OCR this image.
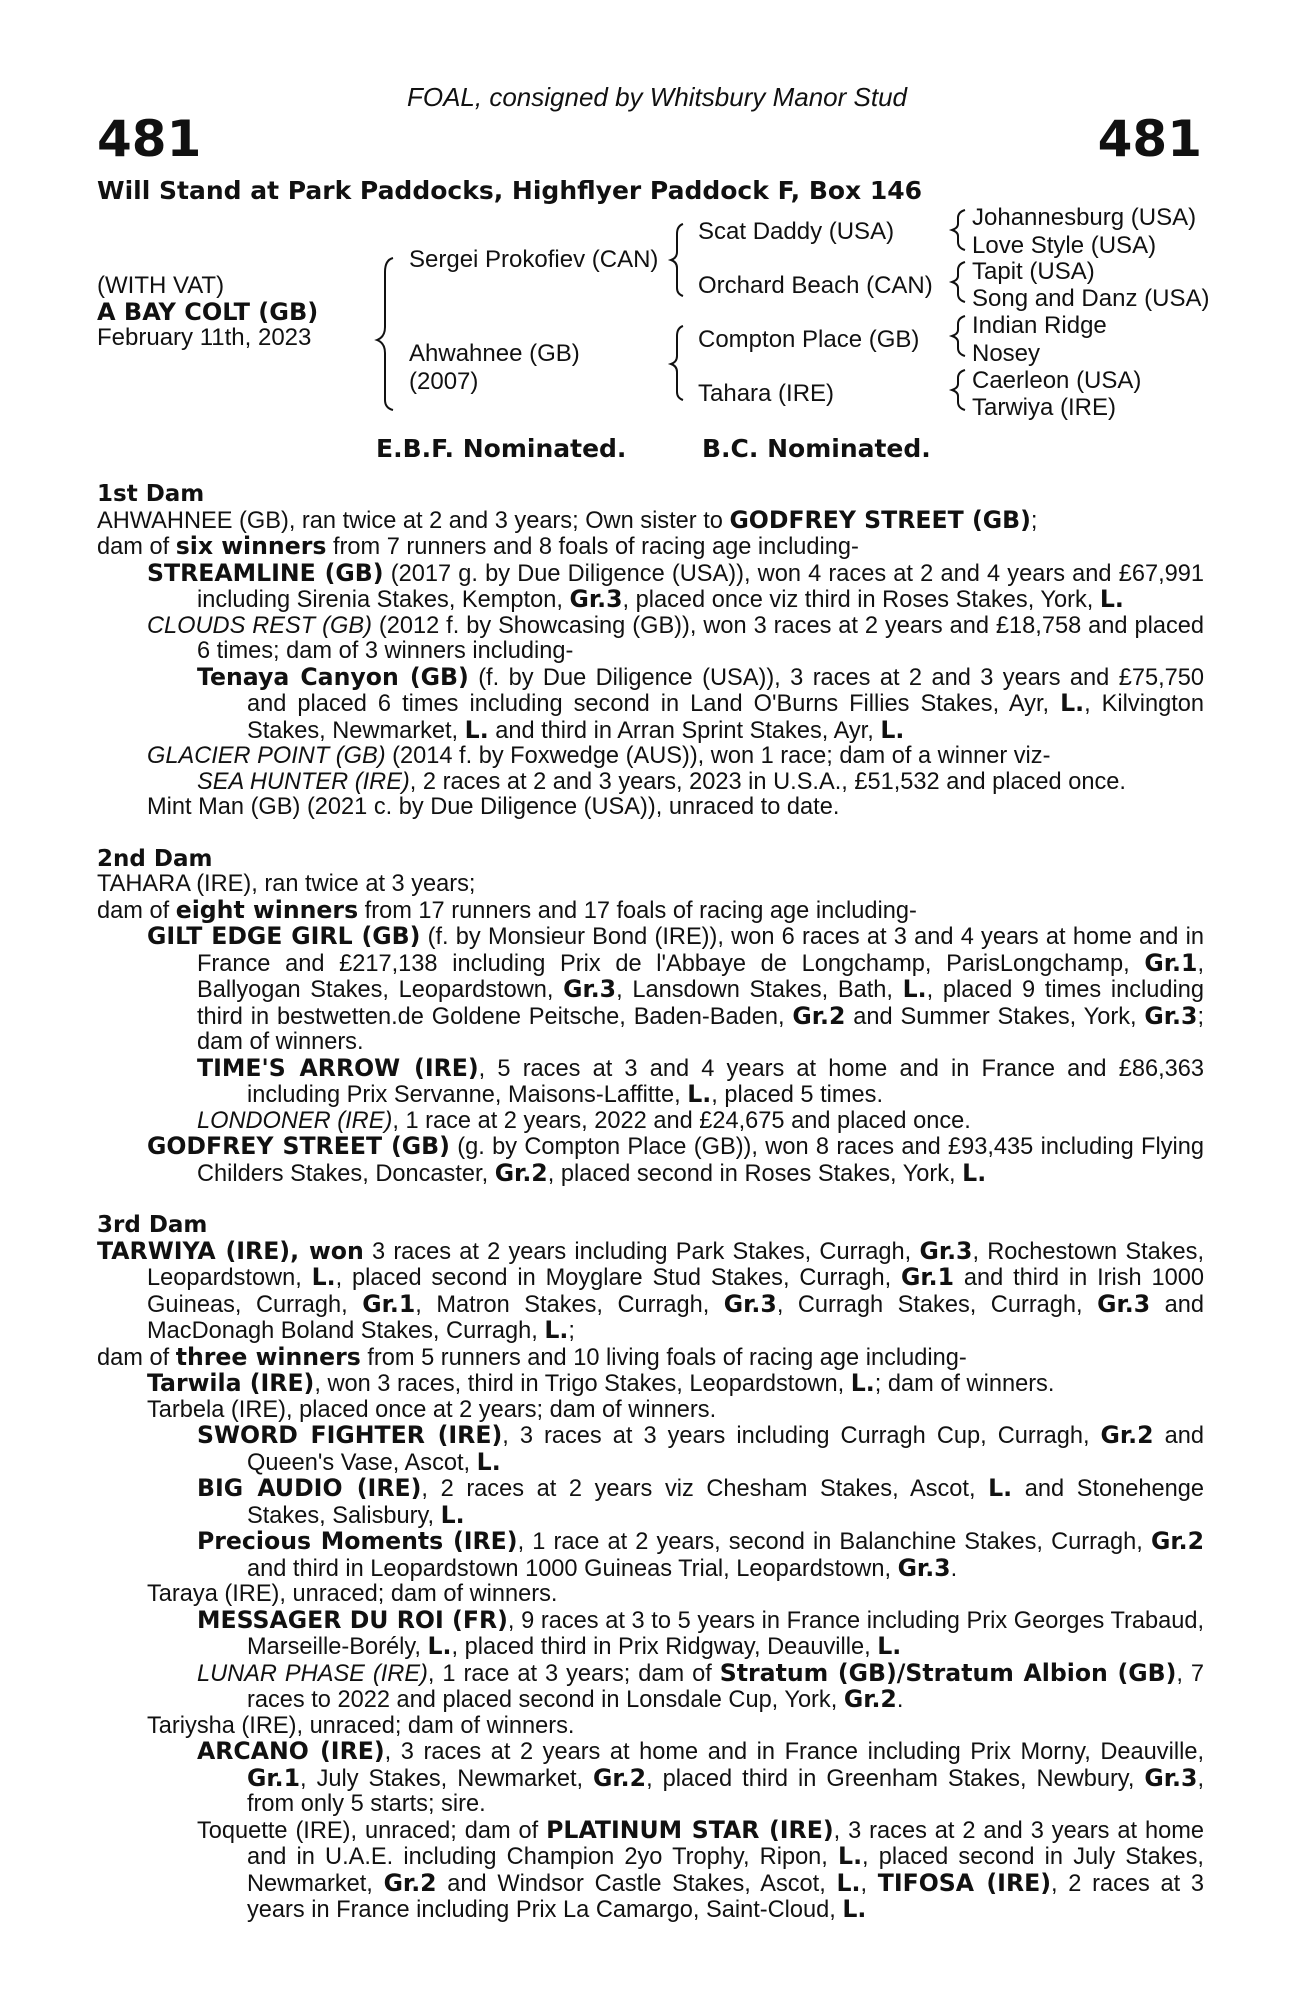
FOAL, consigned by Whitsbury Manor Stud
481	481
Will Stand at Park Paddocks, Highflyer Paddock F, Box 146
(WITH VAT)
A BAY COLT (GB)
February 11th, 2023
Sergei Prokofiev (CAN)
Ahwahnee (GB)
(2007)
Scat Daddy (USA)
Orchard Beach (CAN)
Compton Place (GB)
Tahara (IRE)
Johannesburg (USA)
Love Style (USA)
Tapit (USA)
Song and Danz (USA)
Indian Ridge
Nosey
Caerleon (USA)
Tarwiya (IRE)
E.B.F. Nominated.	B.C. Nominated.

1st Dam

AHWAHNEE (GB), ran twice at 2 and 3 years; Own sister to GODFREY STREET (GB);

dam of six winners from 7 runners and 8 foals of racing age including-

STREAMLINE (GB) (2017 g. by Due Diligence (USA)), won 4 races at 2 and 4 years and £67,991 including Sirenia Stakes, Kempton, Gr.3, placed once viz third in Roses Stakes, York, L.

CLOUDS REST (GB) (2012 f. by Showcasing (GB)), won 3 races at 2 years and £18,758 and placed 6 times; dam of 3 winners including-

Tenaya Canyon (GB) (f. by Due Diligence (USA)), 3 races at 2 and 3 years and £75,750 and placed 6 times including second in Land O'Burns Fillies Stakes, Ayr, L., Kilvington Stakes, Newmarket, L. and third in Arran Sprint Stakes, Ayr, L.

GLACIER POINT (GB) (2014 f. by Foxwedge (AUS)), won 1 race; dam of a winner viz-

SEA HUNTER (IRE), 2 races at 2 and 3 years, 2023 in U.S.A., £51,532 and placed once.

Mint Man (GB) (2021 c. by Due Diligence (USA)), unraced to date.

2nd Dam

TAHARA (IRE), ran twice at 3 years;

dam of eight winners from 17 runners and 17 foals of racing age including-

GILT EDGE GIRL (GB) (f. by Monsieur Bond (IRE)), won 6 races at 3 and 4 years at home and in France and £217,138 including Prix de l'Abbaye de Longchamp, ParisLongchamp, Gr.1, Ballyogan Stakes, Leopardstown, Gr.3, Lansdown Stakes, Bath, L., placed 9 times including third in bestwetten.de Goldene Peitsche, Baden-Baden, Gr.2 and Summer Stakes, York, Gr.3; dam of winners.

TIME'S ARROW (IRE), 5 races at 3 and 4 years at home and in France and £86,363 including Prix Servanne, Maisons-Laffitte, L., placed 5 times.

LONDONER (IRE), 1 race at 2 years, 2022 and £24,675 and placed once.

GODFREY STREET (GB) (g. by Compton Place (GB)), won 8 races and £93,435 including Flying Childers Stakes, Doncaster, Gr.2, placed second in Roses Stakes, York, L.

3rd Dam

TARWIYA (IRE), won 3 races at 2 years including Park Stakes, Curragh, Gr.3, Rochestown Stakes, Leopardstown, L., placed second in Moyglare Stud Stakes, Curragh, Gr.1 and third in Irish 1000 Guineas, Curragh, Gr.1, Matron Stakes, Curragh, Gr.3, Curragh Stakes, Curragh, Gr.3 and MacDonagh Boland Stakes, Curragh, L.;

dam of three winners from 5 runners and 10 living foals of racing age including-

Tarwila (IRE), won 3 races, third in Trigo Stakes, Leopardstown, L.; dam of winners.

Tarbela (IRE), placed once at 2 years; dam of winners.

SWORD FIGHTER (IRE), 3 races at 3 years including Curragh Cup, Curragh, Gr.2 and Queen's Vase, Ascot, L.

BIG AUDIO (IRE), 2 races at 2 years viz Chesham Stakes, Ascot, L. and Stonehenge Stakes, Salisbury, L.

Precious Moments (IRE), 1 race at 2 years, second in Balanchine Stakes, Curragh, Gr.2 and third in Leopardstown 1000 Guineas Trial, Leopardstown, Gr.3.

Taraya (IRE), unraced; dam of winners.

MESSAGER DU ROI (FR), 9 races at 3 to 5 years in France including Prix Georges Trabaud, Marseille-Borély, L., placed third in Prix Ridgway, Deauville, L.

LUNAR PHASE (IRE), 1 race at 3 years; dam of Stratum (GB)/Stratum Albion (GB), 7 races to 2022 and placed second in Lonsdale Cup, York, Gr.2.

Tariysha (IRE), unraced; dam of winners.

ARCANO (IRE), 3 races at 2 years at home and in France including Prix Morny, Deauville, Gr.1, July Stakes, Newmarket, Gr.2, placed third in Greenham Stakes, Newbury, Gr.3, from only 5 starts; sire.

Toquette (IRE), unraced; dam of PLATINUM STAR (IRE), 3 races at 2 and 3 years at home and in U.A.E. including Champion 2yo Trophy, Ripon, L., placed second in July Stakes, Newmarket, Gr.2 and Windsor Castle Stakes, Ascot, L., TIFOSA (IRE), 2 races at 3 years in France including Prix La Camargo, Saint-Cloud, L.
